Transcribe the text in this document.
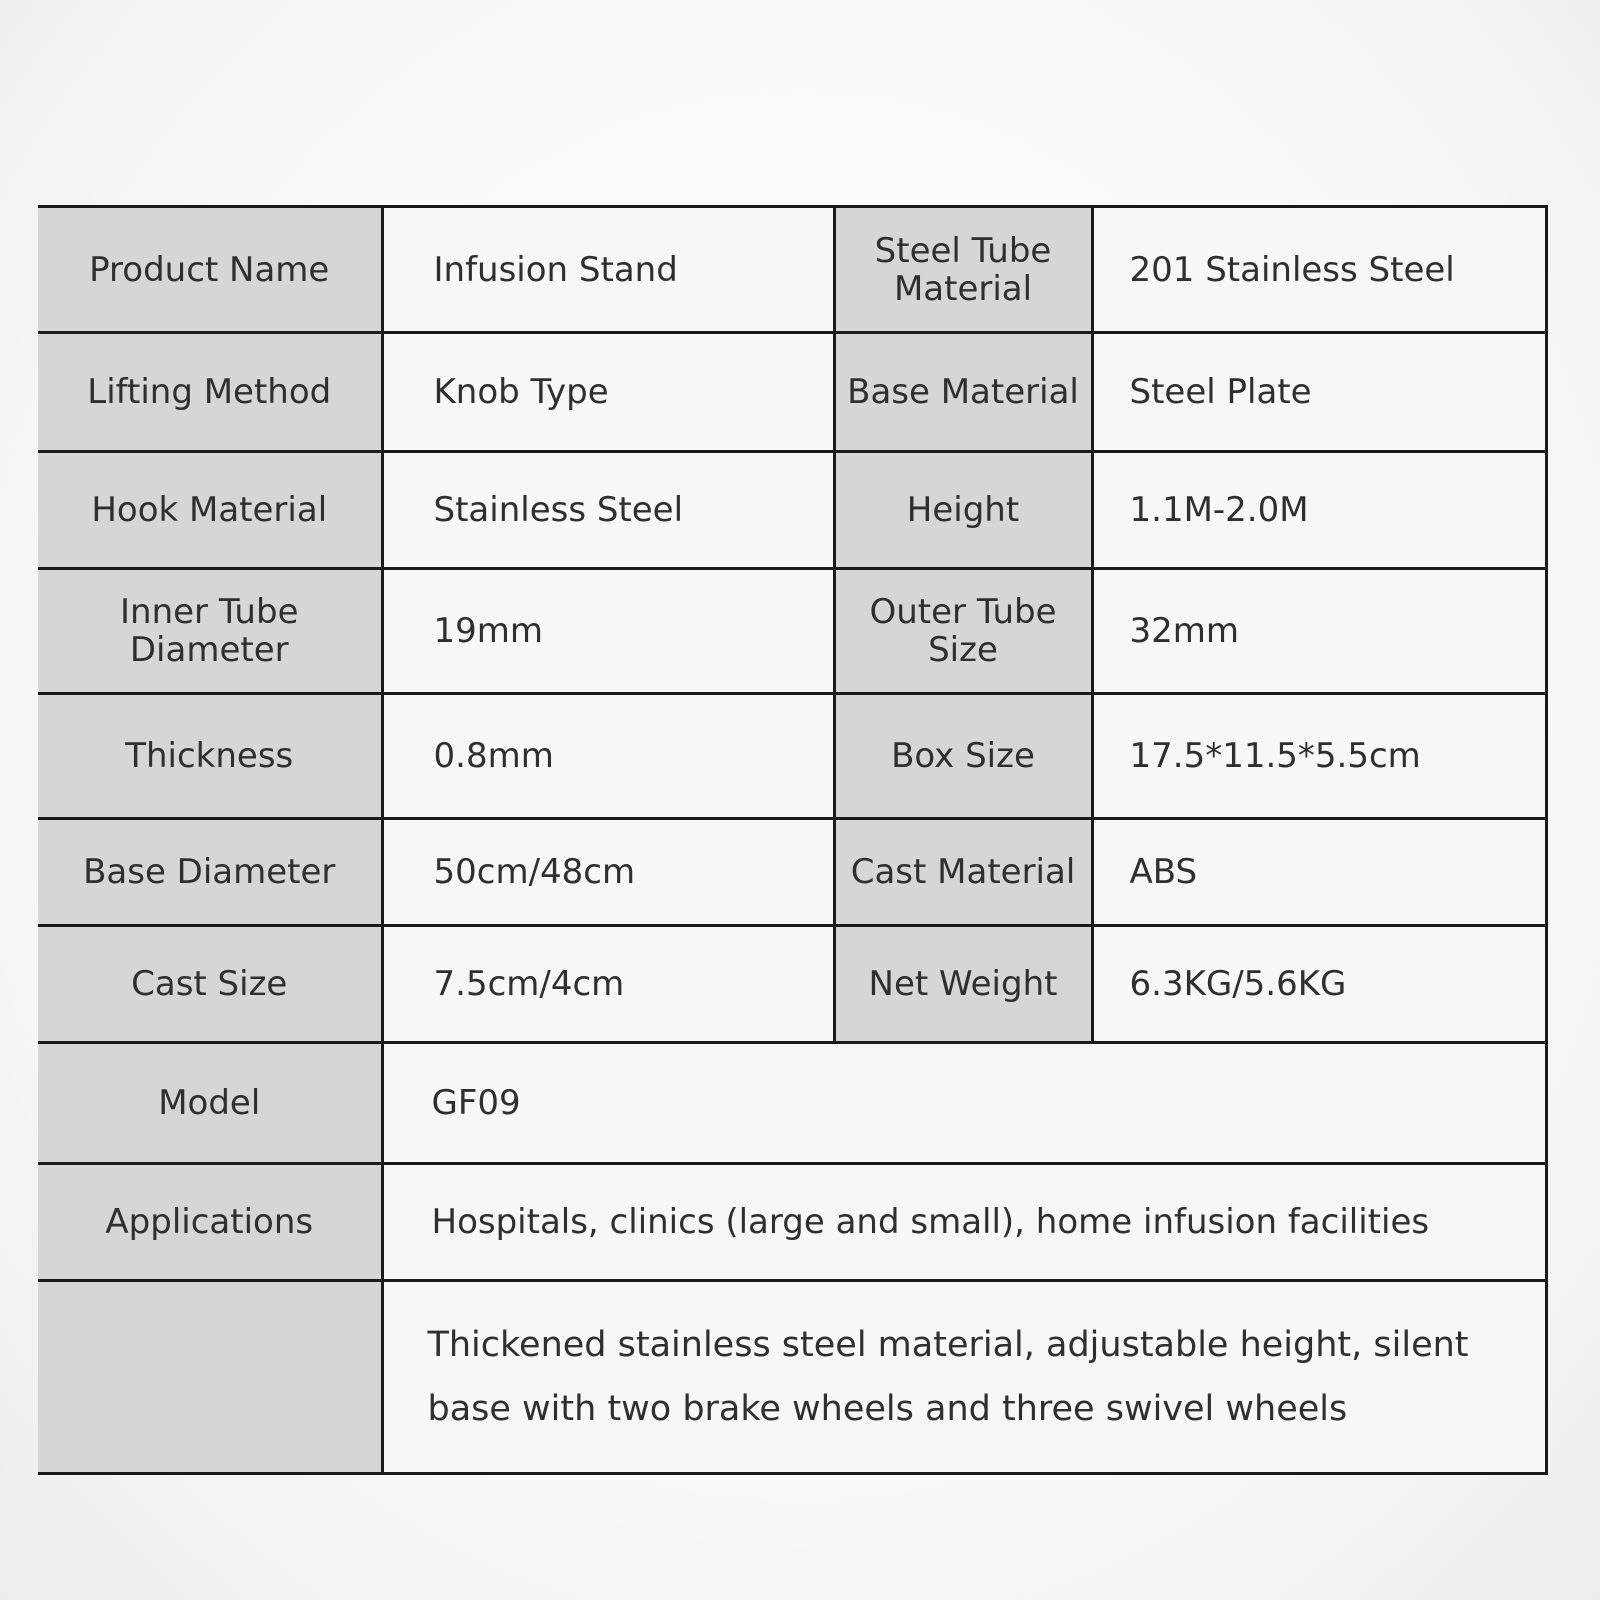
Product Name	Infusion Stand	Steel Tube Material	201 Stainless Steel
Lifting Method	Knob Type	Base Material	Steel Plate
Hook Material	Stainless Steel	Height	1.1M-2.0M
Inner Tube Diameter	19mm	Outer Tube Size	32mm
Thickness	0.8mm	Box Size	17.5*11.5*5.5cm
Base Diameter	50cm/48cm	Cast Material	ABS
Cast Size	7.5cm/4cm	Net Weight	6.3KG/5.6KG
Model	GF09		
Applications	Hospitals, clinics (large and small), home infusion facilities		
	Thickened stainless steel material, adjustable height, silent base with two brake wheels and three swivel wheels		
